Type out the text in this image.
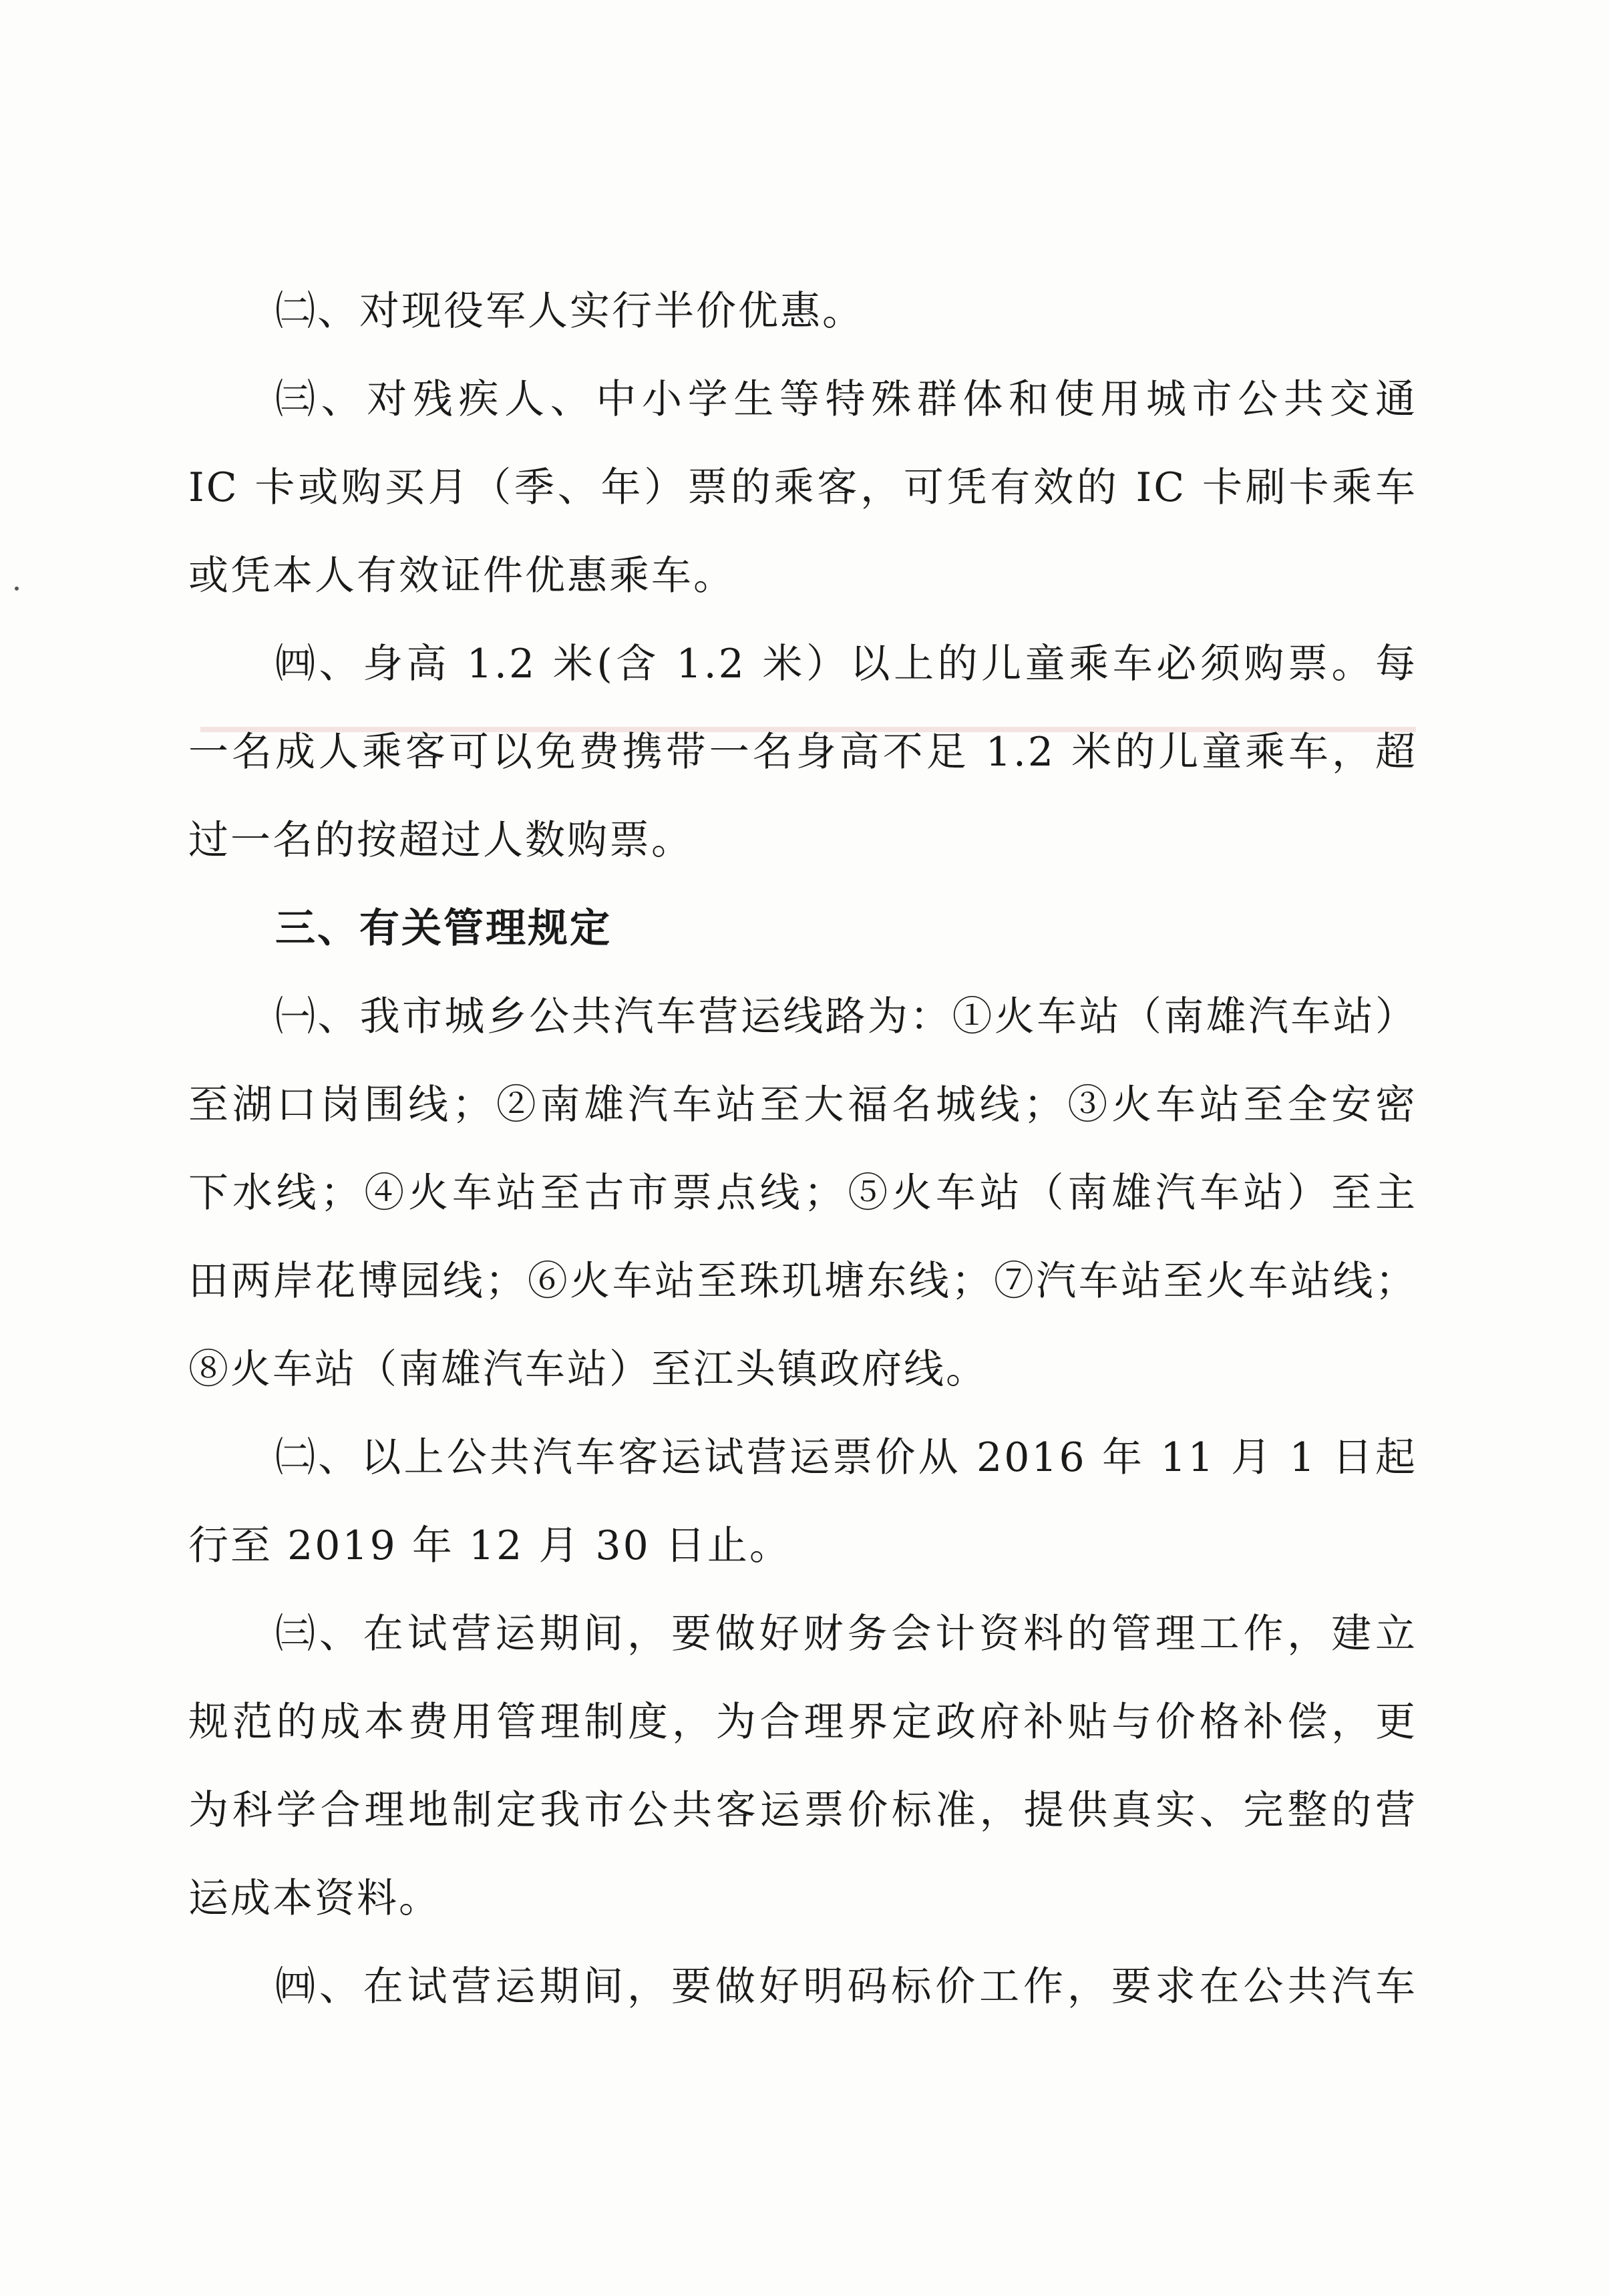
㈡、对现役军人实行半价优惠。
㈢、对残疾人、中小学生等特殊群体和使用城市公共交通
IC 卡或购买月（季、年）票的乘客，可凭有效的 IC 卡刷卡乘车
或凭本人有效证件优惠乘车。
㈣、身高 1.2 米(含 1.2 米）以上的儿童乘车必须购票。每
一名成人乘客可以免费携带一名身高不足 1.2 米的儿童乘车，超
过一名的按超过人数购票。
三、有关管理规定
㈠、我市城乡公共汽车营运线路为：①火车站（南雄汽车站）
至湖口岗围线；②南雄汽车站至大福名城线；③火车站至全安密
下水线；④火车站至古市票点线；⑤火车站（南雄汽车站）至主
田两岸花博园线；⑥火车站至珠玑塘东线；⑦汽车站至火车站线；
⑧火车站（南雄汽车站）至江头镇政府线。
㈡、以上公共汽车客运试营运票价从 2016 年 11 月 1 日起
行至 2019 年 12 月 30 日止。
㈢、在试营运期间，要做好财务会计资料的管理工作，建立
规范的成本费用管理制度，为合理界定政府补贴与价格补偿，更
为科学合理地制定我市公共客运票价标准，提供真实、完整的营
运成本资料。
㈣、在试营运期间，要做好明码标价工作，要求在公共汽车
